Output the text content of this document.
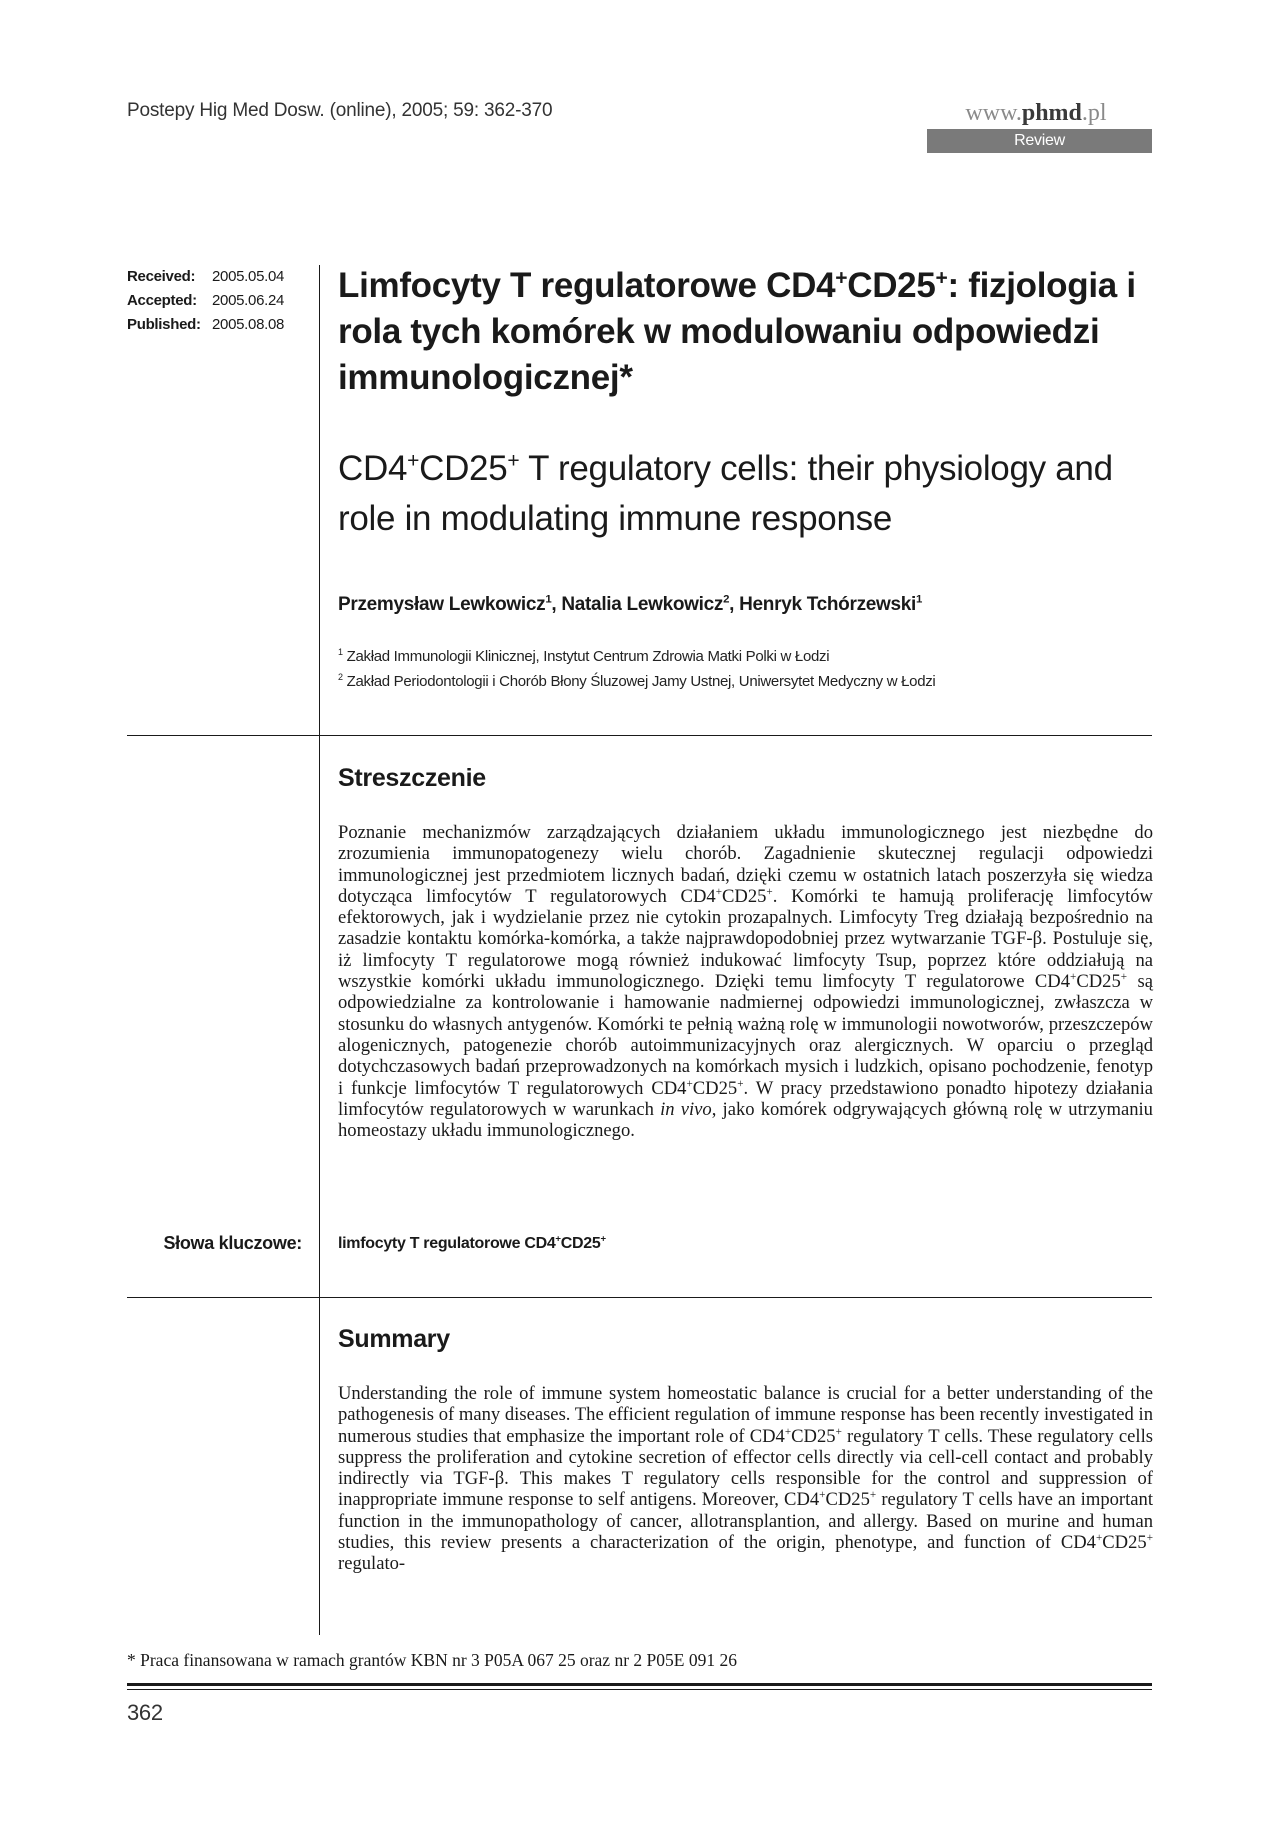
Postepy Hig Med Dosw. (online), 2005; 59: 362-370	www.phmd.pl
Review
Received: 2005.05.04
Accepted: 2005.06.24
Published: 2005.08.08
Limfocyty T regulatorowe CD4+CD25+: fizjologia i rola tych komórek w modulowaniu odpowiedzi immunologicznej*
CD4+CD25+ T regulatory cells: their physiology and role in modulating immune response
Przemysław Lewkowicz$^1$, Natalia Lewkowicz$^2$, Henryk Tchórzewski$^1$
$^1$ Zakład Immunologii Klinicznej, Instytut Centrum Zdrowia Matki Polki w Łodzi
$^2$ Zakład Periodontologii i Chorób Błony Śluzowej Jamy Ustnej, Uniwersytet Medyczny w Łodzi
Streszczenie
Poznanie mechanizmów zarządzających działaniem układu immunologicznego jest niezbędne do zrozumienia immunopatogenezy wielu chorób. Zagadnienie skutecznej regulacji odpowiedzi immunologicznej jest przedmiotem licznych badań, dzięki czemu w ostatnich latach poszerzyła się wiedza dotycząca limfocytów T regulatorowych CD4+CD25+. Komórki te hamują proliferację limfocytów efektorowych, jak i wydzielanie przez nie cytokin prozapalnych. Limfocyty Treg działają bezpośrednio na zasadzie kontaktu komórka-komórka, a także najprawdopodobniej przez wytwarzanie TGF-β. Postuluje się, iż limfocyty T regulatorowe mogą również indukować limfocyty Tsup, poprzez które oddziałują na wszystkie komórki układu immunologicznego. Dzięki temu limfocyty T regulatorowe CD4+CD25+ są odpowiedzialne za kontrolowanie i hamowanie nadmiernej odpowiedzi immunologicznej, zwłaszcza w stosunku do własnych antygenów. Komórki te pełnią ważną rolę w immunologii nowotworów, przeszczepów alogenicznych, patogenezie chorób autoimmunizacyjnych oraz alergicznych. W oparciu o przegląd dotychczasowych badań przeprowadzonych na komórkach mysich i ludzkich, opisano pochodzenie, fenotyp i funkcje limfocytów T regulatorowych CD4+CD25+. W pracy przedstawiono ponadto hipotezy działania limfocytów regulatorowych w warunkach in vivo, jako komórek odgrywających główną rolę w utrzymaniu homeostazy układu immunologicznego.
Słowa kluczowe: limfocyty T regulatorowe CD4+CD25+
Summary
Understanding the role of immune system homeostatic balance is crucial for a better understanding of the pathogenesis of many diseases. The efficient regulation of immune response has been recently investigated in numerous studies that emphasize the important role of CD4+CD25+ regulatory T cells. These regulatory cells suppress the proliferation and cytokine secretion of effector cells directly via cell-cell contact and probably indirectly via TGF-β. This makes T regulatory cells responsible for the control and suppression of inappropriate immune response to self antigens. Moreover, CD4+CD25+ regulatory T cells have an important function in the immunopathology of cancer, allotransplantion, and allergy. Based on murine and human studies, this review presents a characterization of the origin, phenotype, and function of CD4+CD25+ regulato-
* Praca finansowana w ramach grantów KBN nr 3 P05A 067 25 oraz nr 2 P05E 091 26
362
